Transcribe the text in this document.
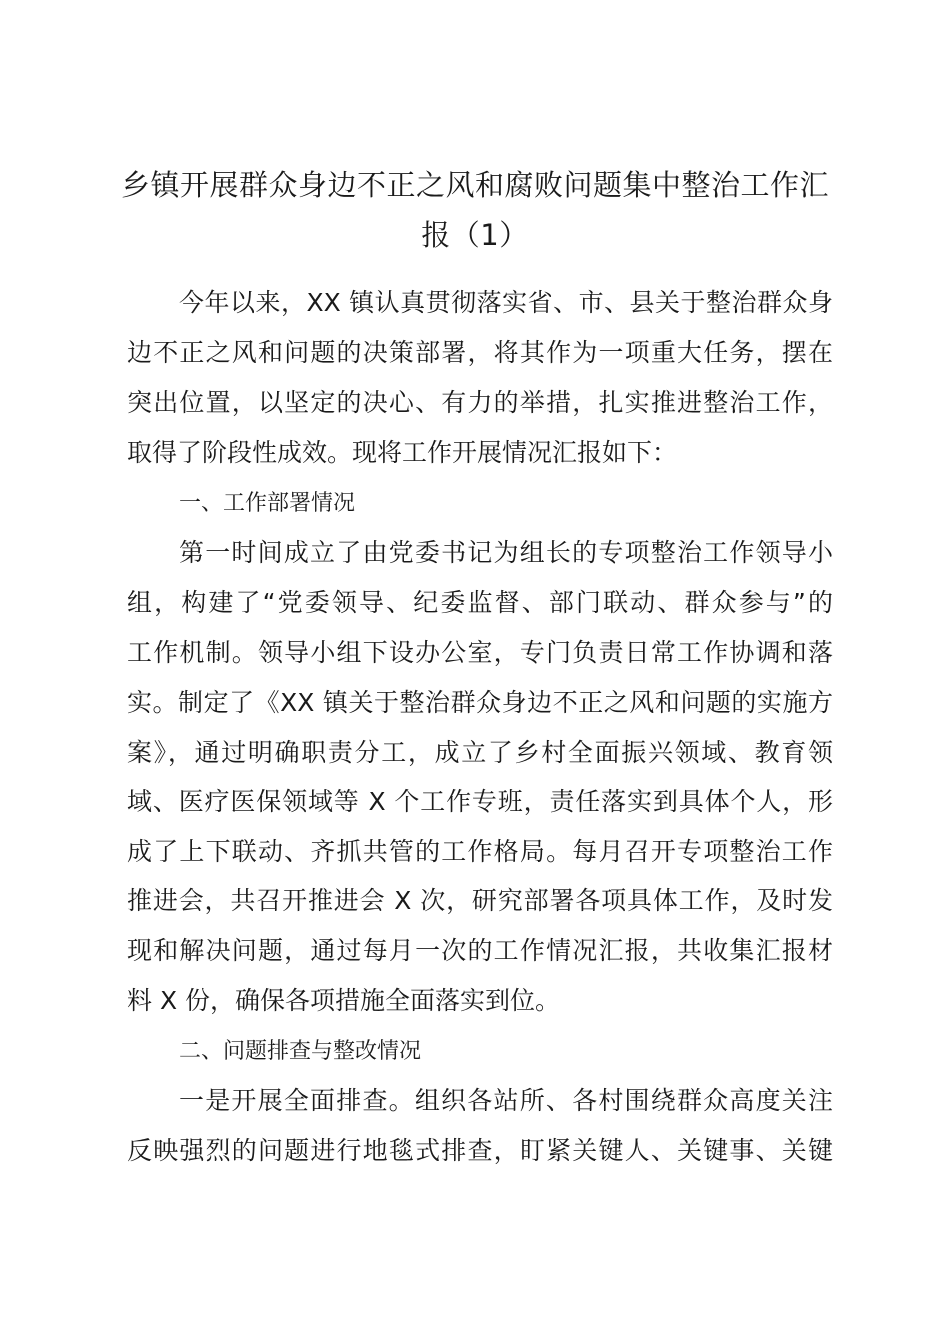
乡镇开展群众身边不正之风和腐败问题集中整治工作汇
报（1）
今年以来，XX 镇认真贯彻落实省、市、县关于整治群众身
边不正之风和问题的决策部署，将其作为一项重大任务，摆在
突出位置，以坚定的决心、有力的举措，扎实推进整治工作，
取得了阶段性成效。现将工作开展情况汇报如下：
一、工作部署情况
第一时间成立了由党委书记为组长的专项整治工作领导小
组，构建了“党委领导、纪委监督、部门联动、群众参与”的
工作机制。领导小组下设办公室，专门负责日常工作协调和落
实。制定了《XX 镇关于整治群众身边不正之风和问题的实施方
案》，通过明确职责分工，成立了乡村全面振兴领域、教育领
域、医疗医保领域等 X 个工作专班，责任落实到具体个人，形
成了上下联动、齐抓共管的工作格局。每月召开专项整治工作
推进会，共召开推进会 X 次，研究部署各项具体工作，及时发
现和解决问题，通过每月一次的工作情况汇报，共收集汇报材
料 X 份，确保各项措施全面落实到位。
二、问题排查与整改情况
一是开展全面排查。组织各站所、各村围绕群众高度关注
反映强烈的问题进行地毯式排查，盯紧关键人、关键事、关键
